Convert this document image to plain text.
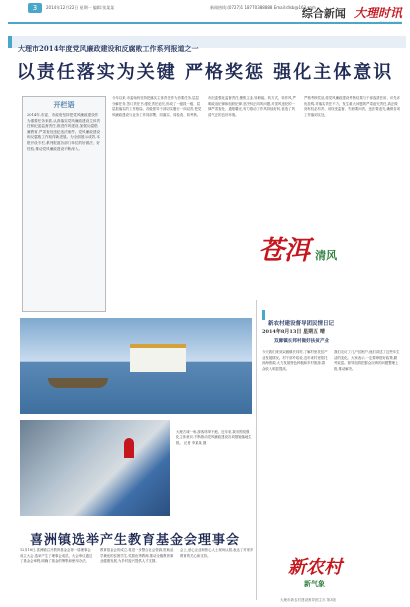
3	2014年12月22日 星期一 编辑:张某某	新闻热线:(0727)1 18770388888 Email:dlsb@163.com
综合新闻 大理时讯
大理市2014年度党风廉政建设和反腐败工作系列报道之一
以责任落实为关键 严格奖惩 强化主体意识
开栏语

2014年,市委、市政府坚持把党风廉政建设作为重要任务来抓,认真落实党风廉政建设主体责任和纪委监督责任,推进作风建设,加强反腐倡廉教育,严肃查处违纪违法案件。党风廉政建设和反腐败工作取得新进展。为全面展示成效,本报开设专栏,系列报道各部门单位的好做法、好经验,推动党风廉政建设不断深入。

今年以来,市委始终坚持把落实主体责任作为首要任务,层层分解任务,签订责任书,强化责任追究,形成了一级抓一级、层层抓落实的工作格局。各级领导干部切实履行一岗双责,把党风廉政建设与业务工作同部署、同落实、同检查、同考核。
市纪委强化监督责任,聚焦主业,转职能、转方式、转作风,严明政治纪律和组织纪律,坚决纠正四风问题,对顶风违纪的一律严肃查处、通报曝光,有力推动了作风持续好转,营造了风清气正的良好环境。
严格考核奖惩,将党风廉政建设考核结果与干部选拔任用、评先评优挂钩,对落实责任不力、发生重大问题的严肃追究责任,真正做到有权必有责、用权受监督、失职要问责、违法要追究,确保各项工作落到实处。
苍洱 清风
大理古城一角,游客络绎不绝。近年来,我市围绕强化主体意识,不断推动党风廉政建设各项措施落地生根。 记者 李某某 摄
新农村建设督导团民情日记
2014年8月13日 星期五 晴
双廊镇长邦村做好扶贫产业
今天我们来到双廊镇长邦村,了解村里扶贫产业发展情况。村干部介绍说,近年来村里依托洱海资源,大力发展特色种植和乡村旅游,群众收入明显提高。
我们走访了几户贫困户,他们讲述了这些年生活的变化。大家表示,一定要珍惜好政策,勤劳致富。督导组将把群众反映的问题整理上报,推动解决。
喜洲镇选举产生教育基金会理事会
12月18日,喜洲镇召开教育基金会第一届理事会成立大会,选举产生了理事会成员。大会审议通过了基金会章程,明确了基金的筹集和使用办法。
教育基金会的成立,将进一步整合社会资源,资助品学兼优的贫困学生,奖励优秀教师,推动全镇教育事业健康发展,为乡村振兴提供人才支撑。
会上,爱心企业和热心人士现场认捐,表达了对家乡教育的关心和支持。
新农村
新气象
大理市新农村建设督导团主办 第3版
